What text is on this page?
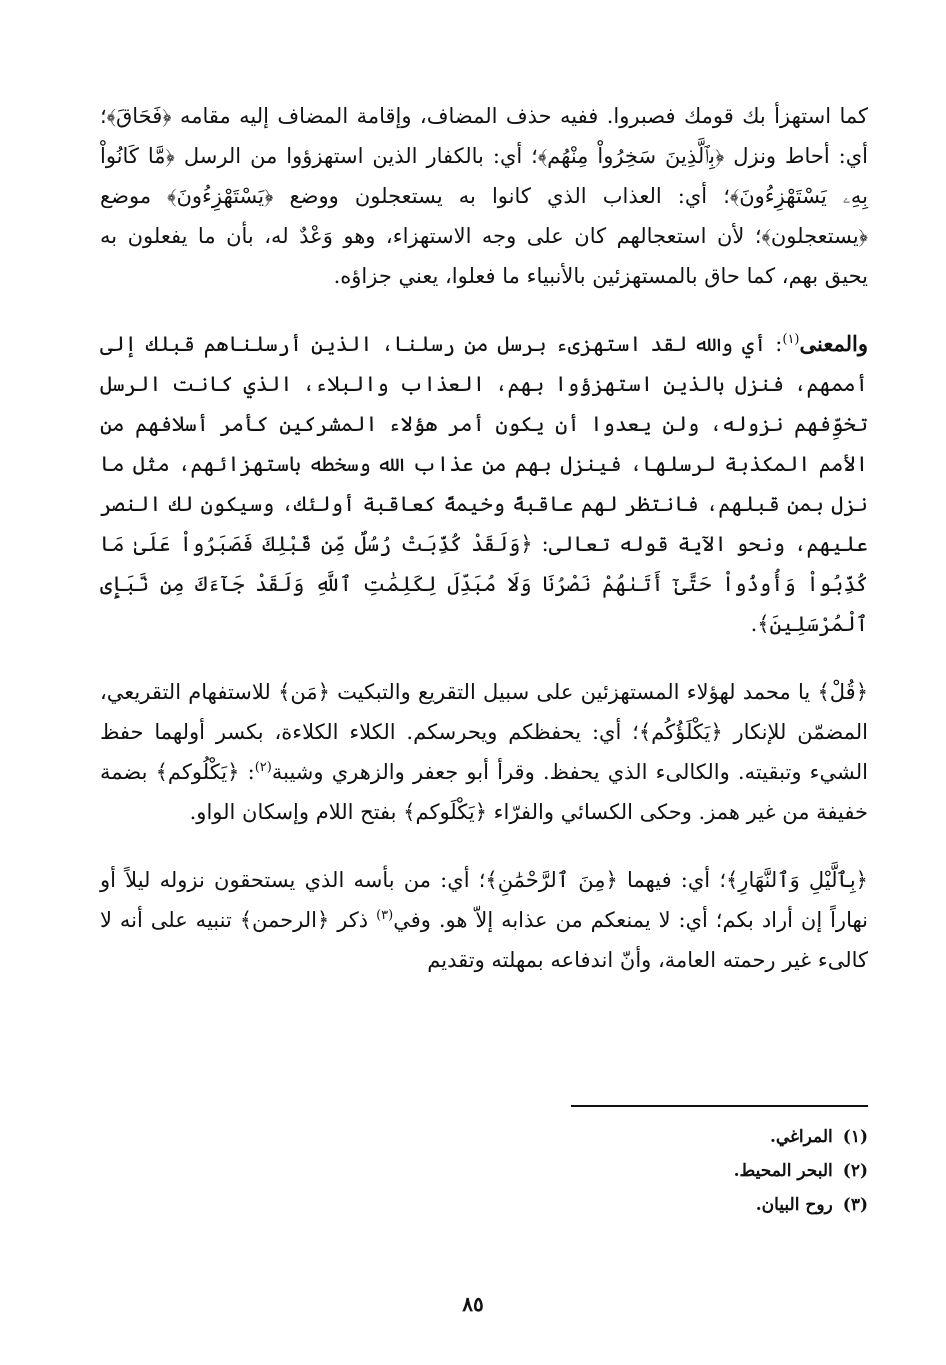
كما استهزأ بك قومك فصبروا. ففيه حذف المضاف، وإقامة المضاف إليه مقامه ﴿فَحَاقَ﴾؛ أي: أحاط ونزل ﴿بِٱلَّذِينَ سَخِرُواْ مِنْهُم﴾؛ أي: بالكفار الذين استهزؤوا من الرسل ﴿مَّا كَانُواْ بِهِۦ يَسْتَهْزِءُونَ﴾؛ أي: العذاب الذي كانوا به يستعجلون ووضع ﴿يَسْتَهْزِءُونَ﴾ موضع ﴿يستعجلون﴾؛ لأن استعجالهم كان على وجه الاستهزاء، وهو وَعْدٌ له، بأن ما يفعلون به يحيق بهم، كما حاق بالمستهزئين بالأنبياء ما فعلوا، يعني جزاؤه.

والمعنى$^{(١)}$: أي والله لقد استهزىء برسل من رسلنا، الذين أرسلناهم قبلك إلى أممهم، فنزل بالذين استهزؤوا بهم، العذاب والبلاء، الذي كانت الرسل تخوِّفهم نزوله، ولن يعدوا أن يكون أمر هؤلاء المشركين كأمر أسلافهم من الأمم المكذبة لرسلها، فينزل بهم من عذاب الله وسخطه باستهزائهم، مثل ما نزل بمن قبلهم، فانتظر لهم عاقبةً وخيمةً كعاقبة أولئك، وسيكون لك النصر عليهم، ونحو الآية قوله تعالى: ﴿وَلَقَدْ كُذِّبَتْ رُسُلٌ مِّن قَبْلِكَ فَصَبَرُواْ عَلَىٰ مَا كُذِّبُواْ وَأُوذُواْ حَتَّىٰٓ أَتَىٰهُمْ نَصْرُنَا وَلَا مُبَدِّلَ لِكَلِمَٰتِ ٱللَّهِ وَلَقَدْ جَآءَكَ مِن نَّبَإِى ٱلْمُرْسَلِينَ﴾.

﴿قُلْ﴾ يا محمد لهؤلاء المستهزئين على سبيل التقريع والتبكيت ﴿مَن﴾ للاستفهام التقريعي، المضمّن للإنكار ﴿يَكْلَؤُكُم﴾؛ أي: يحفظكم ويحرسكم. الكلاء الكلاءة، بكسر أولهما حفظ الشيء وتبقيته. والكالىء الذي يحفظ. وقرأ أبو جعفر والزهري وشيبة$^{(٢)}$: ﴿يَكْلُوكم﴾ بضمة خفيفة من غير همز. وحكى الكسائي والفرّاء ﴿يَكْلَوكم﴾ بفتح اللام وإسكان الواو.

﴿بِٱلَّيْلِ وَٱلنَّهَارِ﴾؛ أي: فيهما ﴿مِنَ ٱلرَّحْمَٰنِ﴾؛ أي: من بأسه الذي يستحقون نزوله ليلاً أو نهاراً إن أراد بكم؛ أي: لا يمنعكم من عذابه إلاّ هو. وفي$^{(٣)}$ ذكر ﴿الرحمن﴾ تنبيه على أنه لا كالىء غير رحمته العامة، وأنّ اندفاعه بمهلته وتقديم

(١)المراغي.
(٢)البحر المحيط.
(٣)روح البيان.
٨٥
